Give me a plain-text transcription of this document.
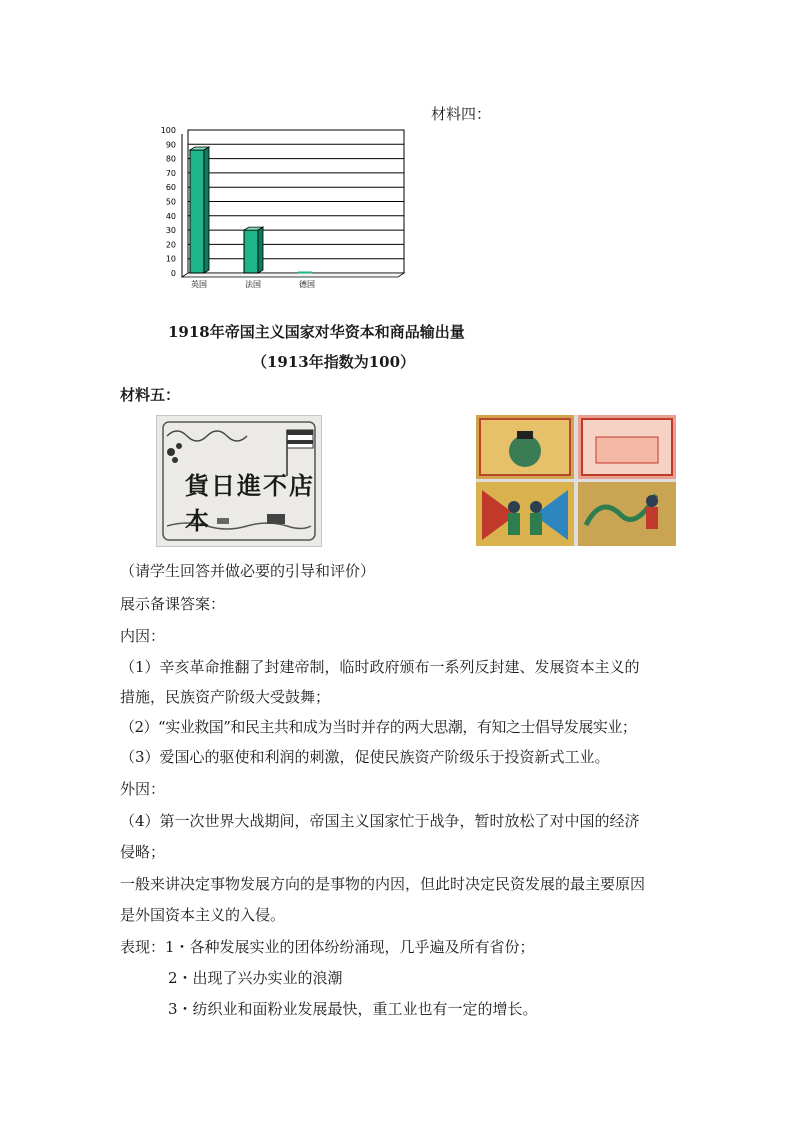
材料四：
0
10
20
30
40
50
60
70
80
90
100
英国	法国	德国
1918年帝国主义国家对华资本和商品输出量
（1913年指数为100）
材料五：
貨日進不店本
（请学生回答并做必要的引导和评价）
展示备课答案：
内因：
（1）辛亥革命推翻了封建帝制，临时政府颁布一系列反封建、发展资本主义的
措施，民族资产阶级大受鼓舞；
（2）“实业救国”和民主共和成为当时并存的两大思潮，有知之士倡导发展实业；
（3）爱国心的驱使和利润的刺激，促使民族资产阶级乐于投资新式工业。
外因：
（4）第一次世界大战期间，帝国主义国家忙于战争，暂时放松了对中国的经济
侵略；
一般来讲决定事物发展方向的是事物的内因，但此时决定民资发展的最主要原因
是外国资本主义的入侵。
表现：1・各种发展实业的团体纷纷涌现，几乎遍及所有省份；
2・出现了兴办实业的浪潮
3・纺织业和面粉业发展最快，重工业也有一定的增长。
